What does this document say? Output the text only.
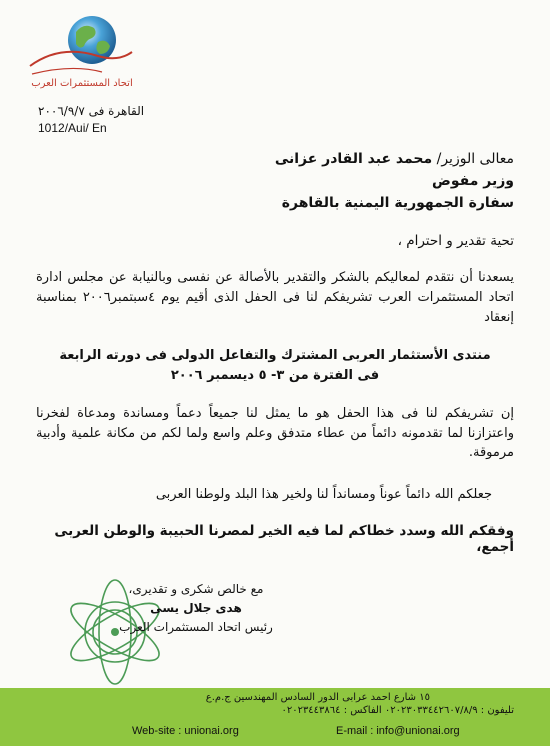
اتحاد المستثمرات العرب
القاهرة فى ٢٠٠٦/٩/٧
1012/Aui/ En
معالى الوزير/ محمد عبد القادر عزانى
وزير مفوض
سفارة الجمهورية اليمنية بالقاهرة
تحية تقدير و احترام ،
يسعدنا أن نتقدم لمعاليكم بالشكر والتقدير بالأصالة عن نفسى وبالنيابة عن مجلس ادارة اتحاد المستثمرات العرب تشريفكم لنا فى الحفل الذى أقيم يوم ٤سبتمبر٢٠٠٦ بمناسبة إنعقاد
منتدى الأستثمار العربى المشترك والتفاعل الدولى فى دورته الرابعة
فى الفترة من ٣- ٥ ديسمبر ٢٠٠٦
إن تشريفكم لنا فى هذا الحفل هو ما يمثل لنا جميعاً دعماً ومساندة ومدعاة لفخرنا واعتزازنا لما تقدمونه دائماً من عطاء متدفق وعلم واسع ولما لكم من مكانة علمية وأدبية مرموقة.
جعلكم الله دائماً عوناً ومسانداً لنا ولخير هذا البلد ولوطنا العربى
وفقكم الله وسدد خطاكم لما فيه الخير لمصرنا الحبيبة والوطن العربى أجمع،
مع خالص شكرى و تقديرى،
هدى جلال يسى
رئيس اتحاد المستثمرات العرب
١٥ شارع احمد عرابى الدور السادس المهندسين ج.م.ع
تليفون : ٠٢٠٢٣٠٣٣٤٤٢٦٠٧/٨/٩ الفاكس : ٠٢٠٢٣٤٤٣٨٦٤
Web-site : unionai.org	E-mail : info@unionai.org
